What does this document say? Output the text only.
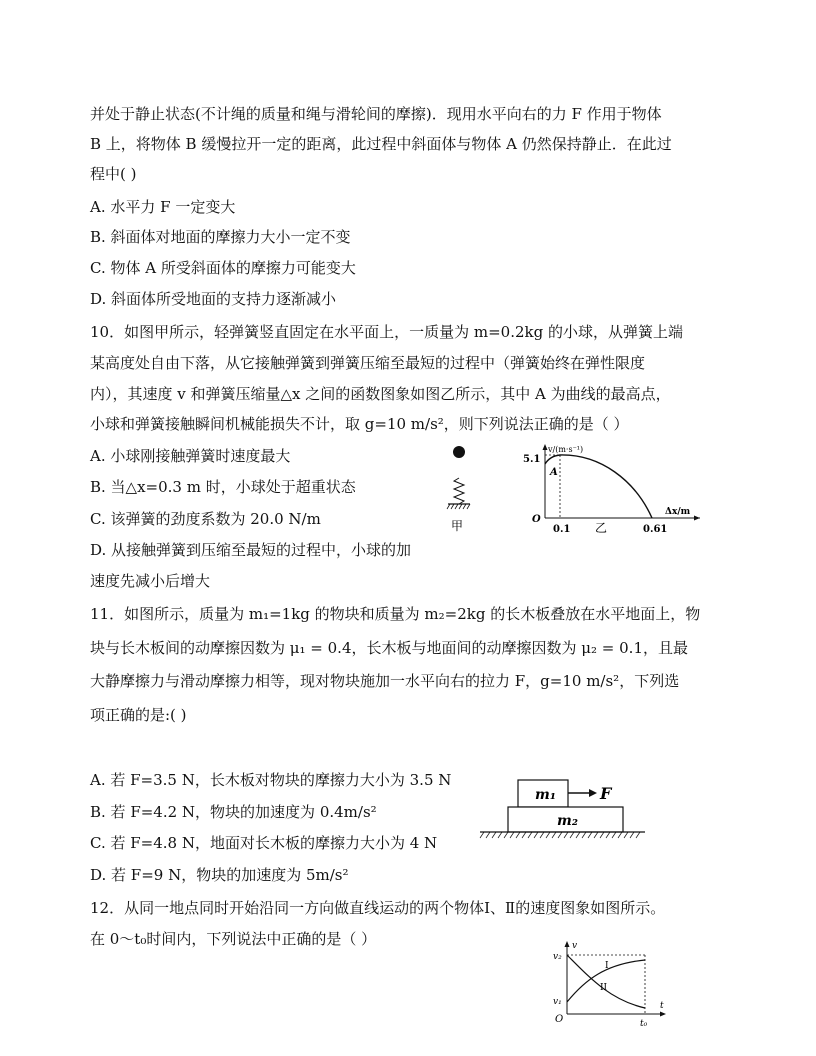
并处于静止状态(不计绳的质量和绳与滑轮间的摩擦)．现用水平向右的力 F 作用于物体
B 上，将物体 B 缓慢拉开一定的距离，此过程中斜面体与物体 A 仍然保持静止．在此过
程中( )
A. 水平力 F 一定变大
B. 斜面体对地面的摩擦力大小一定不变
C. 物体 A 所受斜面体的摩擦力可能变大
D. 斜面体所受地面的支持力逐渐减小
10．如图甲所示，轻弹簧竖直固定在水平面上，一质量为 m=0.2kg 的小球，从弹簧上端
某高度处自由下落，从它接触弹簧到弹簧压缩至最短的过程中（弹簧始终在弹性限度
内），其速度 v 和弹簧压缩量△x 之间的函数图象如图乙所示，其中 A 为曲线的最高点，
小球和弹簧接触瞬间机械能损失不计，取 g=10 m/s²，则下列说法正确的是（ ）
A. 小球刚接触弹簧时速度最大
B. 当△x=0.3 m 时，小球处于超重状态
C. 该弹簧的劲度系数为 20.0 N/m
D. 从接触弹簧到压缩至最短的过程中，小球的加
速度先减小后增大
甲
v/(m·s⁻¹)
5.1
A
O
0.1	0.61
Δx/m
乙
11．如图所示，质量为 m₁=1kg 的物块和质量为 m₂=2kg 的长木板叠放在水平地面上，物
块与长木板间的动摩擦因数为 μ₁ = 0.4，长木板与地面间的动摩擦因数为 μ₂ = 0.1，且最
大静摩擦力与滑动摩擦力相等，现对物块施加一水平向右的拉力 F，g=10 m/s²，下列选
项正确的是:( )
A. 若 F=3.5 N，长木板对物块的摩擦力大小为 3.5 N
B. 若 F=4.2 N，物块的加速度为 0.4m/s²
C. 若 F=4.8 N，地面对长木板的摩擦力大小为 4 N
D. 若 F=9 N，物块的加速度为 5m/s²
m₁	F
m₂
12．从同一地点同时开始沿同一方向做直线运动的两个物体Ⅰ、Ⅱ的速度图象如图所示。
在 0～t₀时间内，下列说法中正确的是（ ）	v
t
v₂
v₁
O	t₀
I
II
